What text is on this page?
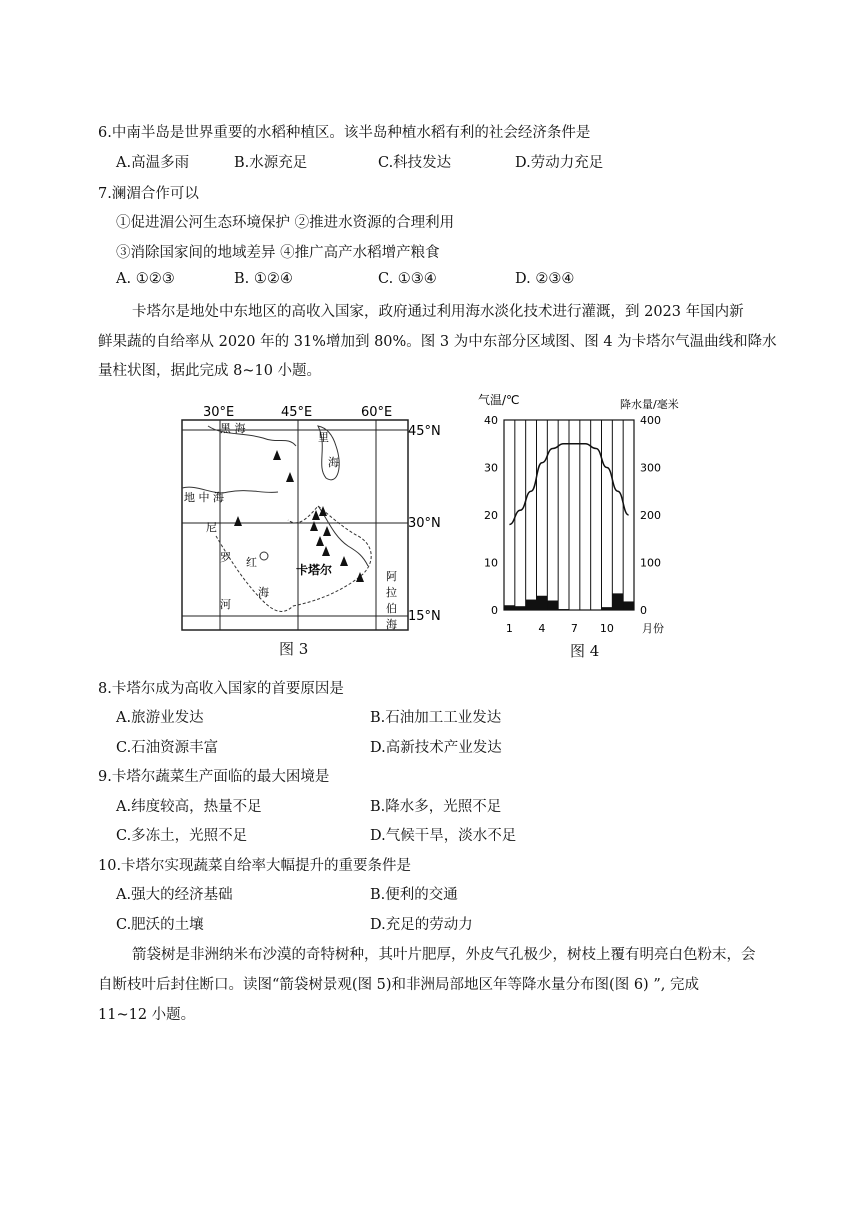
6.中南半岛是世界重要的水稻种植区。该半岛种植水稻有利的社会经济条件是
A.高温多雨	B.水源充足	C.科技发达	D.劳动力充足
7.澜湄合作可以
①促进湄公河生态环境保护 ②推进水资源的合理利用
③消除国家间的地域差异 ④推广高产水稻增产粮食
A. ①②③	B. ①②④	C. ①③④	D. ②③④
卡塔尔是地处中东地区的高收入国家，政府通过利用海水淡化技术进行灌溉，到 2023 年国内新
鲜果蔬的自给率从 2020 年的 31%增加到 80%。图 3 为中东部分区域图、图 4 为卡塔尔气温曲线和降水
量柱状图，据此完成 8~10 小题。
30°E	45°E	60°E
45°N
30°N
15°N
黑 海
里
海
地 中 海
尼
罗 红
海
河
卡塔尔	阿
拉
伯
海
图 3
气温/℃	降水量/毫米
0
10
20
30
40
0
100
200
300
400
1 4 7 10	月份
图 4
8.卡塔尔成为高收入国家的首要原因是
A.旅游业发达	B.石油加工工业发达
C.石油资源丰富	D.高新技术产业发达
9.卡塔尔蔬菜生产面临的最大困境是
A.纬度较高，热量不足	B.降水多，光照不足
C.多冻土，光照不足	D.气候干旱，淡水不足
10.卡塔尔实现蔬菜自给率大幅提升的重要条件是
A.强大的经济基础	B.便利的交通
C.肥沃的土壤	D.充足的劳动力
箭袋树是非洲纳米布沙漠的奇特树种，其叶片肥厚，外皮气孔极少，树枝上覆有明亮白色粉末，会
自断枝叶后封住断口。读图“箭袋树景观(图 5)和非洲局部地区年等降水量分布图(图 6) ”, 完成
11~12 小题。
